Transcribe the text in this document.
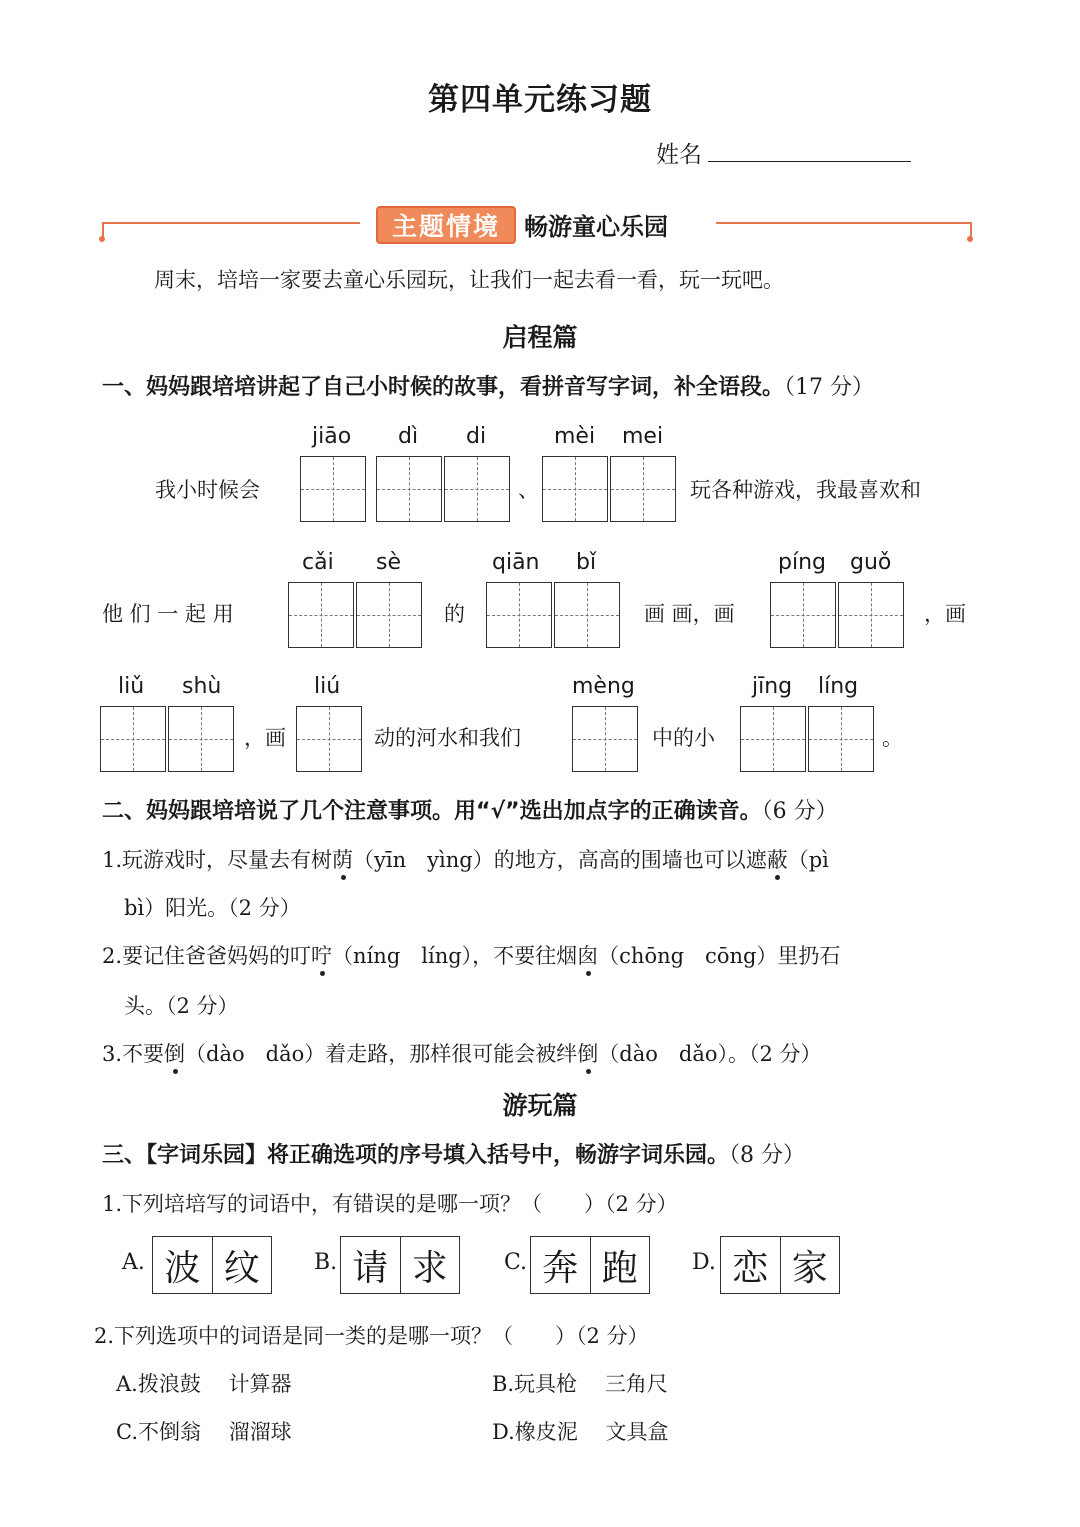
第四单元练习题
姓名
主题情境 畅游童心乐园
周末，培培一家要去童心乐园玩，让我们一起去看一看，玩一玩吧。
启程篇
一、妈妈跟培培讲起了自己小时候的故事，看拼音写字词，补全语段。（17 分）
jiāo dì di	mèi mei
我小时候会	、	玩各种游戏，我最喜欢和
cǎi sè	qiān bǐ	píng guǒ
他 们 一 起 用	的	画 画，画	，画
liǔ shù	liú	mèng	jīng líng
，画	动的河水和我们	中的小	。
二、妈妈跟培培说了几个注意事项。用“√”选出加点字的正确读音。（6 分）
1.玩游戏时，尽量去有树荫（yīn　yìng）的地方，高高的围墙也可以遮蔽（pì
bì）阳光。（2 分）
2.要记住爸爸妈妈的叮咛（níng　líng），不要往烟囱（chōng　cōng）里扔石
头。（2 分）
3.不要倒（dào　dǎo）着走路，那样很可能会被绊倒（dào　dǎo）。（2 分）
游玩篇
三、【字词乐园】将正确选项的序号填入括号中，畅游字词乐园。（8 分）
1.下列培培写的词语中，有错误的是哪一项？（　　）（2 分）
A. 波 纹	B. 请 求	C. 奔 跑	D. 恋 家
2.下列选项中的词语是同一类的是哪一项？（　　）（2 分）
A.拨浪鼓　 计算器	B.玩具枪　 三角尺
C.不倒翁　 溜溜球	D.橡皮泥　 文具盒
